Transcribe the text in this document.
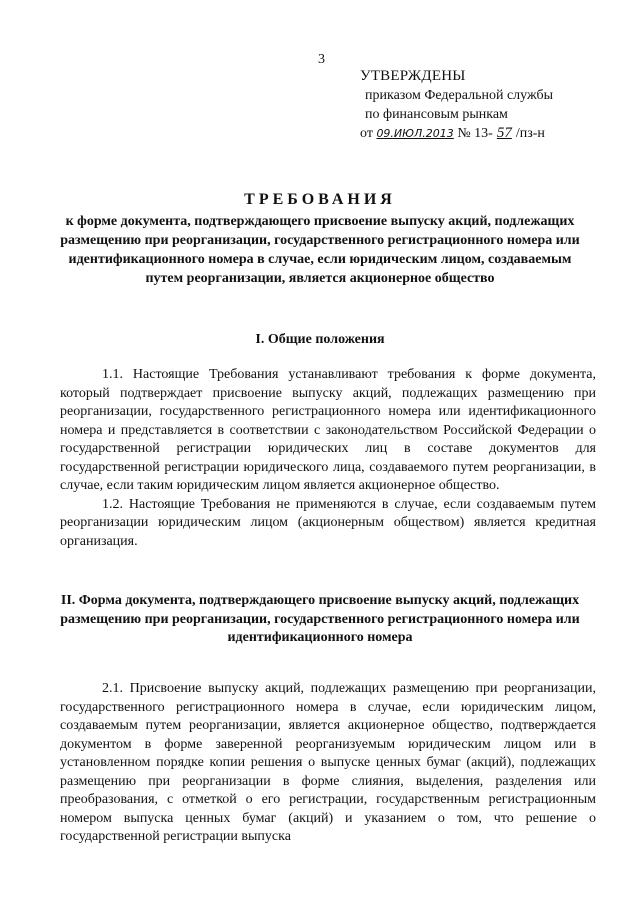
3
УТВЕРЖДЕНЫ
приказом Федеральной службы
по финансовым рынкам
от 09.ИЮЛ.2013 № 13- 57 /пз-н
ТРЕБОВАНИЯ
к форме документа, подтверждающего присвоение выпуску акций, подлежащих размещению при реорганизации, государственного регистрационного номера или идентификационного номера в случае, если юридическим лицом, создаваемым путем реорганизации, является акционерное общество
I. Общие положения

1.1. Настоящие Требования устанавливают требования к форме документа, который подтверждает присвоение выпуску акций, подлежащих размещению при реорганизации, государственного регистрационного номера или идентификационного номера и представляется в соответствии с законодательством Российской Федерации о государственной регистрации юридических лиц в составе документов для государственной регистрации юридического лица, создаваемого путем реорганизации, в случае, если таким юридическим лицом является акционерное общество.

1.2. Настоящие Требования не применяются в случае, если создаваемым путем реорганизации юридическим лицом (акционерным обществом) является кредитная организация.

II. Форма документа, подтверждающего присвоение выпуску акций, подлежащих размещению при реорганизации, государственного регистрационного номера или идентификационного номера

2.1. Присвоение выпуску акций, подлежащих размещению при реорганизации, государственного регистрационного номера в случае, если юридическим лицом, создаваемым путем реорганизации, является акционерное общество, подтверждается документом в форме заверенной реорганизуемым юридическим лицом или в установленном порядке копии решения о выпуске ценных бумаг (акций), подлежащих размещению при реорганизации в форме слияния, выделения, разделения или преобразования, с отметкой о его регистрации, государственным регистрационным номером выпуска ценных бумаг (акций) и указанием о том, что решение о государственной регистрации выпуска
